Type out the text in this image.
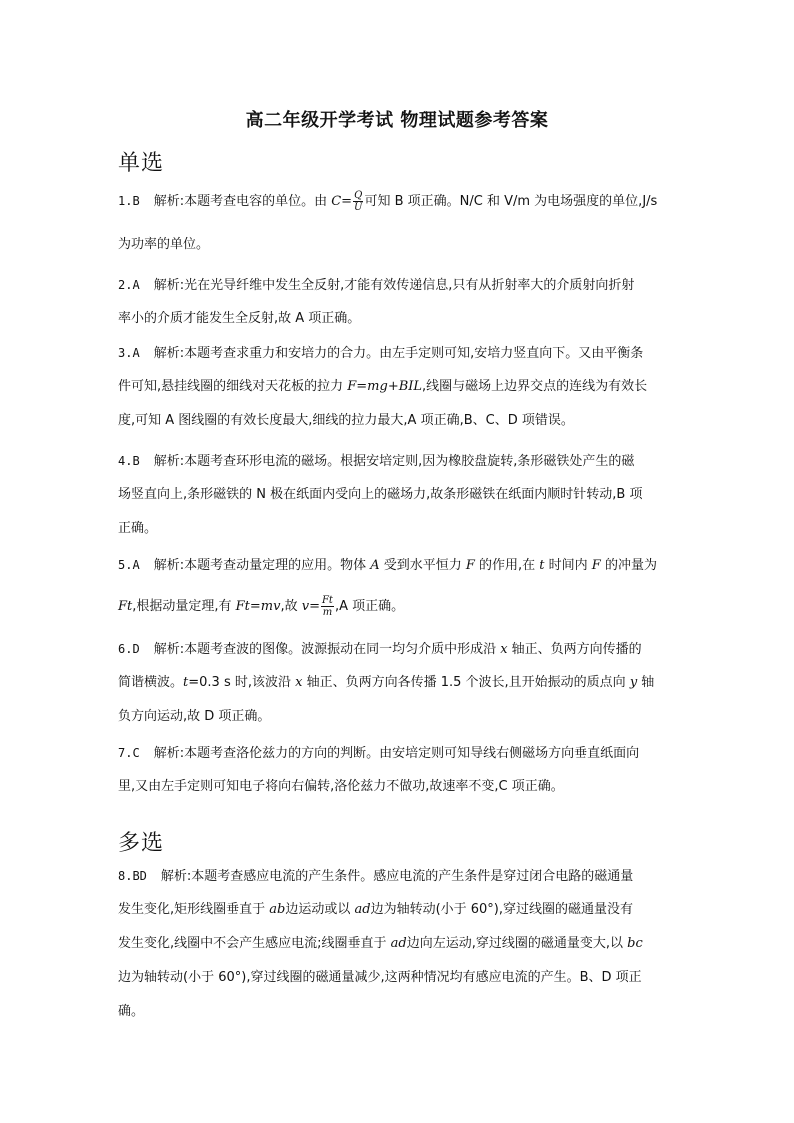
高二年级开学考试 物理试题参考答案
单选
1.B 解析:本题考查电容的单位。由 $C= \frac{Q}{U}$ 可知 B 项正确。N/C 和 V/m 为电场强度的单位,J/s
为功率的单位。
2.A 解析:光在光导纤维中发生全反射,才能有效传递信息,只有从折射率大的介质射向折射
率小的介质才能发生全反射,故 A 项正确。
3.A 解析:本题考查求重力和安培力的合力。由左手定则可知,安培力竖直向下。又由平衡条
件可知,悬挂线圈的细线对天花板的拉力 F=mg+BIL,线圈与磁场上边界交点的连线为有效长
度,可知 A 图线圈的有效长度最大,细线的拉力最大,A 项正确,B、C、D 项错误。
4.B 解析:本题考查环形电流的磁场。根据安培定则,因为橡胶盘旋转,条形磁铁处产生的磁
场竖直向上,条形磁铁的 N 极在纸面内受向上的磁场力,故条形磁铁在纸面内顺时针转动,B 项
正确。
5.A 解析:本题考查动量定理的应用。物体 A 受到水平恒力 F 的作用,在 t 时间内 F 的冲量为
Ft,根据动量定理,有 Ft=mv,故 $v= \frac{Ft}{m} ,A$ 项正确。
6.D 解析:本题考查波的图像。波源振动在同一均匀介质中形成沿 x 轴正、负两方向传播的
简谐横波。t=0.3 s 时,该波沿 x 轴正、负两方向各传播 1.5 个波长,且开始振动的质点向 y 轴
负方向运动,故 D 项正确。
7.C 解析:本题考查洛伦兹力的方向的判断。由安培定则可知导线右侧磁场方向垂直纸面向
里,又由左手定则可知电子将向右偏转,洛伦兹力不做功,故速率不变,C 项正确。
多选
8.BD 解析:本题考查感应电流的产生条件。感应电流的产生条件是穿过闭合电路的磁通量
发生变化,矩形线圈垂直于 ab边运动或以 ad边为轴转动(小于 60°),穿过线圈的磁通量没有
发生变化,线圈中不会产生感应电流;线圈垂直于 ad边向左运动,穿过线圈的磁通量变大,以 bc
边为轴转动(小于 60°),穿过线圈的磁通量减少,这两种情况均有感应电流的产生。B、D 项正
确。
